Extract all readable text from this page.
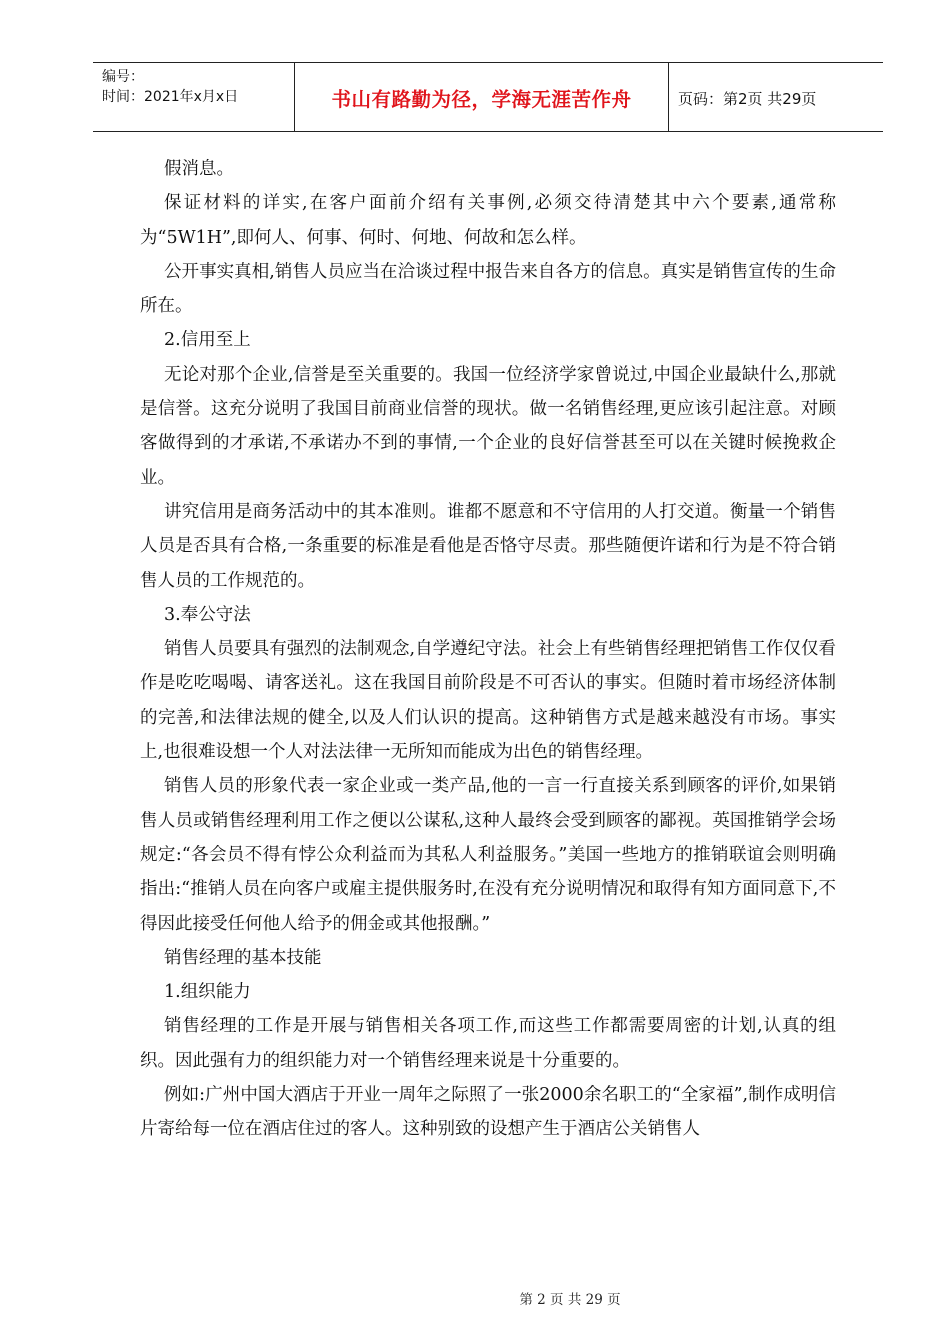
编号：
时间：2021年x月x日	书山有路勤为径，学海无涯苦作舟	页码：第2页 共29页

假消息。

保证材料的详实,在客户面前介绍有关事例,必须交待清楚其中六个要素,通常称为“5W1H”,即何人、何事、何时、何地、何故和怎么样。

公开事实真相,销售人员应当在洽谈过程中报告来自各方的信息。真实是销售宣传的生命所在。

2.信用至上

无论对那个企业,信誉是至关重要的。我国一位经济学家曾说过,中国企业最缺什么,那就是信誉。这充分说明了我国目前商业信誉的现状。做一名销售经理,更应该引起注意。对顾客做得到的才承诺,不承诺办不到的事情,一个企业的良好信誉甚至可以在关键时候挽救企业。

讲究信用是商务活动中的其本准则。谁都不愿意和不守信用的人打交道。衡量一个销售人员是否具有合格,一条重要的标准是看他是否恪守尽责。那些随便许诺和行为是不符合销售人员的工作规范的。

3.奉公守法

销售人员要具有强烈的法制观念,自学遵纪守法。社会上有些销售经理把销售工作仅仅看作是吃吃喝喝、请客送礼。这在我国目前阶段是不可否认的事实。但随时着市场经济体制的完善,和法律法规的健全,以及人们认识的提高。这种销售方式是越来越没有市场。事实上,也很难设想一个人对法法律一无所知而能成为出色的销售经理。

销售人员的形象代表一家企业或一类产品,他的一言一行直接关系到顾客的评价,如果销售人员或销售经理利用工作之便以公谋私,这种人最终会受到顾客的鄙视。英国推销学会场规定:“各会员不得有悖公众利益而为其私人利益服务。”美国一些地方的推销联谊会则明确指出:“推销人员在向客户或雇主提供服务时,在没有充分说明情况和取得有知方面同意下,不得因此接受任何他人给予的佣金或其他报酬。”

销售经理的基本技能

1.组织能力

销售经理的工作是开展与销售相关各项工作,而这些工作都需要周密的计划,认真的组织。因此强有力的组织能力对一个销售经理来说是十分重要的。

例如:广州中国大酒店于开业一周年之际照了一张2000余名职工的“全家福”,制作成明信片寄给每一位在酒店住过的客人。这种别致的设想产生于酒店公关销售人

第 2 页 共 29 页
